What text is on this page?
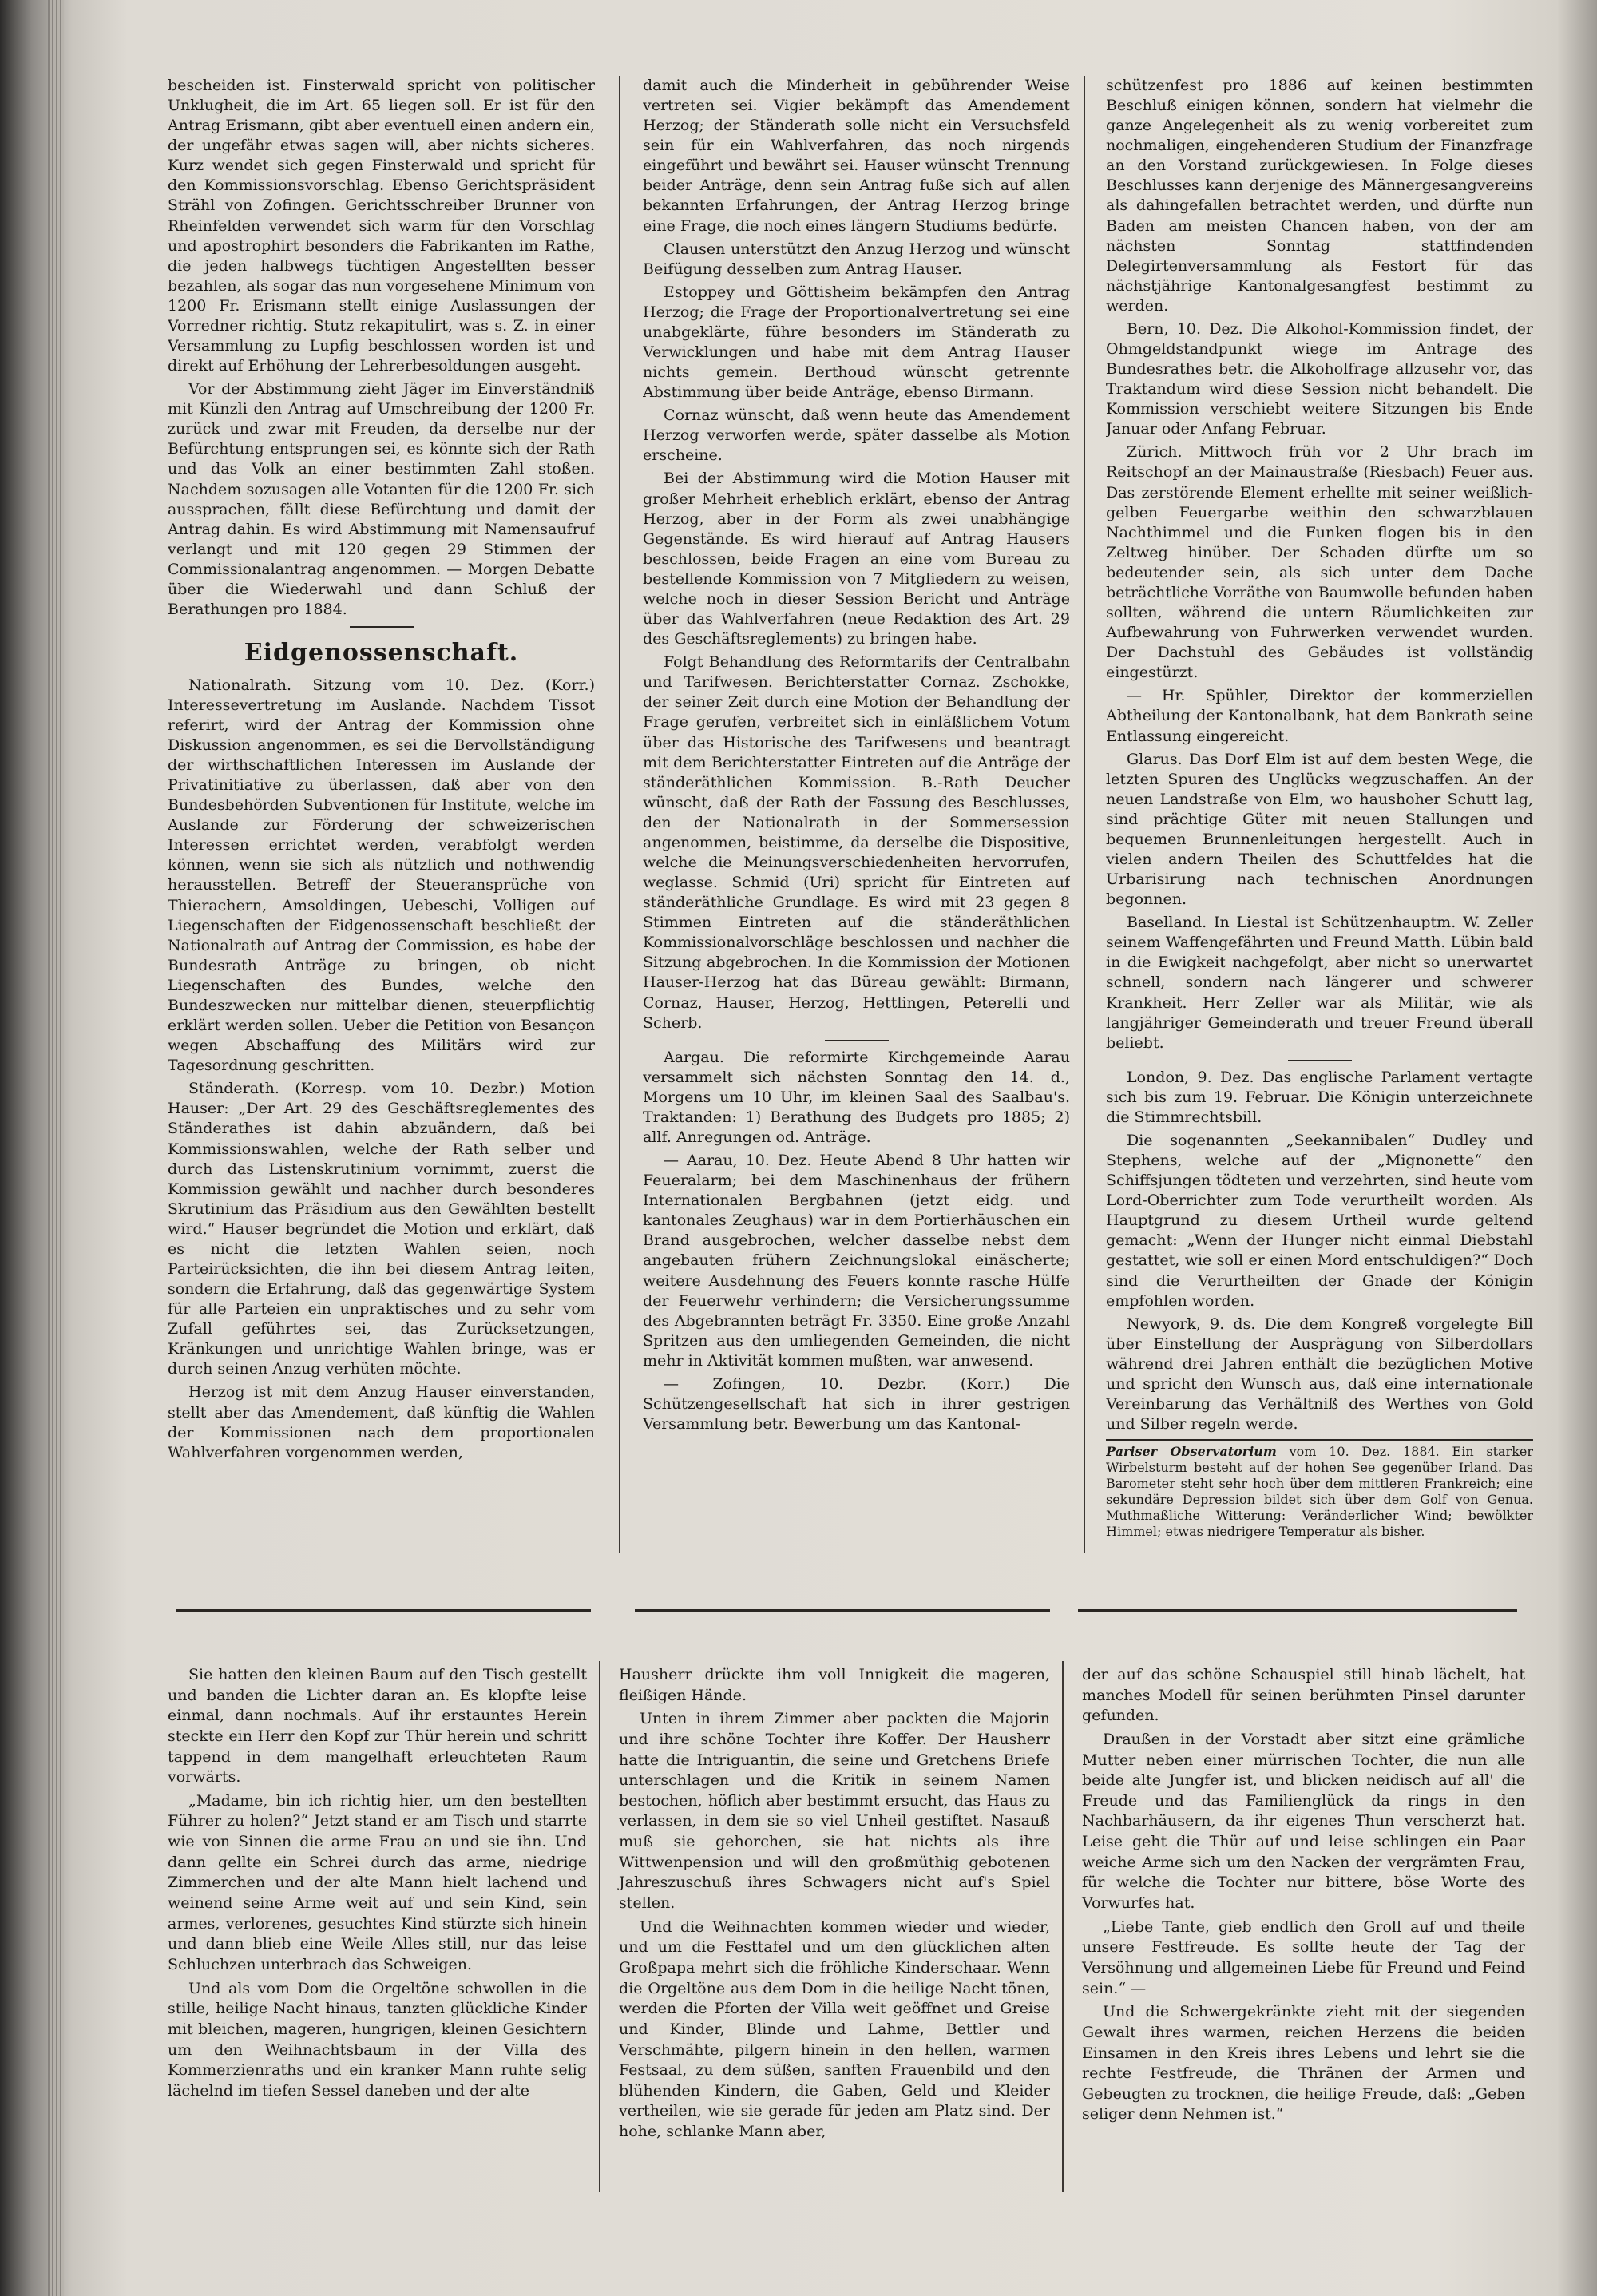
bescheiden ist. Finsterwald spricht von politischer Unklugheit, die im Art. 65 liegen soll. Er ist für den Antrag Erismann, gibt aber eventuell einen andern ein, der ungefähr etwas sagen will, aber nichts sicheres. Kurz wendet sich gegen Finsterwald und spricht für den Kommissionsvorschlag. Ebenso Gerichtspräsident Strähl von Zofingen. Gerichtsschreiber Brunner von Rheinfelden verwendet sich warm für den Vorschlag und apostrophirt besonders die Fabrikanten im Rathe, die jeden halbwegs tüchtigen Angestellten besser bezahlen, als sogar das nun vorgesehene Minimum von 1200 Fr. Erismann stellt einige Auslassungen der Vorredner richtig. Stutz rekapitulirt, was s. Z. in einer Versammlung zu Lupfig beschlossen worden ist und direkt auf Erhöhung der Lehrerbesoldungen ausgeht.

Vor der Abstimmung zieht Jäger im Einverständniß mit Künzli den Antrag auf Umschreibung der 1200 Fr. zurück und zwar mit Freuden, da derselbe nur der Befürchtung entsprungen sei, es könnte sich der Rath und das Volk an einer bestimmten Zahl stoßen. Nachdem sozusagen alle Votanten für die 1200 Fr. sich aussprachen, fällt diese Befürchtung und damit der Antrag dahin. Es wird Abstimmung mit Namensaufruf verlangt und mit 120 gegen 29 Stimmen der Commissionalantrag angenommen. — Morgen Debatte über die Wiederwahl und dann Schluß der Berathungen pro 1884.

Eidgenossenschaft.

Nationalrath. Sitzung vom 10. Dez. (Korr.) Interessevertretung im Auslande. Nachdem Tissot referirt, wird der Antrag der Kommission ohne Diskussion angenommen, es sei die Bervollständigung der wirthschaftlichen Interessen im Auslande der Privatinitiative zu überlassen, daß aber von den Bundesbehörden Subventionen für Institute, welche im Auslande zur Förderung der schweizerischen Interessen errichtet werden, verabfolgt werden können, wenn sie sich als nützlich und nothwendig herausstellen. Betreff der Steueransprüche von Thierachern, Amsoldingen, Uebeschi, Volligen auf Liegenschaften der Eidgenossenschaft beschließt der Nationalrath auf Antrag der Commission, es habe der Bundesrath Anträge zu bringen, ob nicht Liegenschaften des Bundes, welche den Bundeszwecken nur mittelbar dienen, steuerpflichtig erklärt werden sollen. Ueber die Petition von Besançon wegen Abschaffung des Militärs wird zur Tagesordnung geschritten.

Ständerath. (Korresp. vom 10. Dezbr.) Motion Hauser: „Der Art. 29 des Geschäftsreglementes des Ständerathes ist dahin abzuändern, daß bei Kommissionswahlen, welche der Rath selber und durch das Listenskrutinium vornimmt, zuerst die Kommission gewählt und nachher durch besonderes Skrutinium das Präsidium aus den Gewählten bestellt wird.“ Hauser begründet die Motion und erklärt, daß es nicht die letzten Wahlen seien, noch Parteirücksichten, die ihn bei diesem Antrag leiten, sondern die Erfahrung, daß das gegenwärtige System für alle Parteien ein unpraktisches und zu sehr vom Zufall geführtes sei, das Zurücksetzungen, Kränkungen und unrichtige Wahlen bringe, was er durch seinen Anzug verhüten möchte.

Herzog ist mit dem Anzug Hauser einverstanden, stellt aber das Amendement, daß künftig die Wahlen der Kommissionen nach dem proportionalen Wahlverfahren vorgenommen werden,

damit auch die Minderheit in gebührender Weise vertreten sei. Vigier bekämpft das Amendement Herzog; der Ständerath solle nicht ein Versuchsfeld sein für ein Wahlverfahren, das noch nirgends eingeführt und bewährt sei. Hauser wünscht Trennung beider Anträge, denn sein Antrag fuße sich auf allen bekannten Erfahrungen, der Antrag Herzog bringe eine Frage, die noch eines längern Studiums bedürfe.

Clausen unterstützt den Anzug Herzog und wünscht Beifügung desselben zum Antrag Hauser.

Estoppey und Göttisheim bekämpfen den Antrag Herzog; die Frage der Proportionalvertretung sei eine unabgeklärte, führe besonders im Ständerath zu Verwicklungen und habe mit dem Antrag Hauser nichts gemein. Berthoud wünscht getrennte Abstimmung über beide Anträge, ebenso Birmann.

Cornaz wünscht, daß wenn heute das Amendement Herzog verworfen werde, später dasselbe als Motion erscheine.

Bei der Abstimmung wird die Motion Hauser mit großer Mehrheit erheblich erklärt, ebenso der Antrag Herzog, aber in der Form als zwei unabhängige Gegenstände. Es wird hierauf auf Antrag Hausers beschlossen, beide Fragen an eine vom Bureau zu bestellende Kommission von 7 Mitgliedern zu weisen, welche noch in dieser Session Bericht und Anträge über das Wahlverfahren (neue Redaktion des Art. 29 des Geschäftsreglements) zu bringen habe.

Folgt Behandlung des Reformtarifs der Centralbahn und Tarifwesen. Berichterstatter Cornaz. Zschokke, der seiner Zeit durch eine Motion der Behandlung der Frage gerufen, verbreitet sich in einläßlichem Votum über das Historische des Tarifwesens und beantragt mit dem Berichterstatter Eintreten auf die Anträge der ständeräthlichen Kommission. B.-Rath Deucher wünscht, daß der Rath der Fassung des Beschlusses, den der Nationalrath in der Sommersession angenommen, beistimme, da derselbe die Dispositive, welche die Meinungsverschiedenheiten hervorrufen, weglasse. Schmid (Uri) spricht für Eintreten auf ständeräthliche Grundlage. Es wird mit 23 gegen 8 Stimmen Eintreten auf die ständeräthlichen Kommissionalvorschläge beschlossen und nachher die Sitzung abgebrochen. In die Kommission der Motionen Hauser-Herzog hat das Büreau gewählt: Birmann, Cornaz, Hauser, Herzog, Hettlingen, Peterelli und Scherb.

Aargau. Die reformirte Kirchgemeinde Aarau versammelt sich nächsten Sonntag den 14. d., Morgens um 10 Uhr, im kleinen Saal des Saalbau's. Traktanden: 1) Berathung des Budgets pro 1885; 2) allf. Anregungen od. Anträge.

— Aarau, 10. Dez. Heute Abend 8 Uhr hatten wir Feueralarm; bei dem Maschinenhaus der frühern Internationalen Bergbahnen (jetzt eidg. und kantonales Zeughaus) war in dem Portierhäuschen ein Brand ausgebrochen, welcher dasselbe nebst dem angebauten frühern Zeichnungslokal einäscherte; weitere Ausdehnung des Feuers konnte rasche Hülfe der Feuerwehr verhindern; die Versicherungssumme des Abgebrannten beträgt Fr. 3350. Eine große Anzahl Spritzen aus den umliegenden Gemeinden, die nicht mehr in Aktivität kommen mußten, war anwesend.

— Zofingen, 10. Dezbr. (Korr.) Die Schützengesellschaft hat sich in ihrer gestrigen Versammlung betr. Bewerbung um das Kantonal-

schützenfest pro 1886 auf keinen bestimmten Beschluß einigen können, sondern hat vielmehr die ganze Angelegenheit als zu wenig vorbereitet zum nochmaligen, eingehenderen Studium der Finanzfrage an den Vorstand zurückgewiesen. In Folge dieses Beschlusses kann derjenige des Männergesangvereins als dahingefallen betrachtet werden, und dürfte nun Baden am meisten Chancen haben, von der am nächsten Sonntag stattfindenden Delegirtenversammlung als Festort für das nächstjährige Kantonalgesangfest bestimmt zu werden.

Bern, 10. Dez. Die Alkohol-Kommission findet, der Ohmgeldstandpunkt wiege im Antrage des Bundesrathes betr. die Alkoholfrage allzusehr vor, das Traktandum wird diese Session nicht behandelt. Die Kommission verschiebt weitere Sitzungen bis Ende Januar oder Anfang Februar.

Zürich. Mittwoch früh vor 2 Uhr brach im Reitschopf an der Mainaustraße (Riesbach) Feuer aus. Das zerstörende Element erhellte mit seiner weißlich-gelben Feuergarbe weithin den schwarzblauen Nachthimmel und die Funken flogen bis in den Zeltweg hinüber. Der Schaden dürfte um so bedeutender sein, als sich unter dem Dache beträchtliche Vorräthe von Baumwolle befunden haben sollten, während die untern Räumlichkeiten zur Aufbewahrung von Fuhrwerken verwendet wurden. Der Dachstuhl des Gebäudes ist vollständig eingestürzt.

— Hr. Spühler, Direktor der kommerziellen Abtheilung der Kantonalbank, hat dem Bankrath seine Entlassung eingereicht.

Glarus. Das Dorf Elm ist auf dem besten Wege, die letzten Spuren des Unglücks wegzuschaffen. An der neuen Landstraße von Elm, wo haushoher Schutt lag, sind prächtige Güter mit neuen Stallungen und bequemen Brunnenleitungen hergestellt. Auch in vielen andern Theilen des Schuttfeldes hat die Urbarisirung nach technischen Anordnungen begonnen.

Baselland. In Liestal ist Schützenhauptm. W. Zeller seinem Waffengefährten und Freund Matth. Lübin bald in die Ewigkeit nachgefolgt, aber nicht so unerwartet schnell, sondern nach längerer und schwerer Krankheit. Herr Zeller war als Militär, wie als langjähriger Gemeinderath und treuer Freund überall beliebt.

London, 9. Dez. Das englische Parlament vertagte sich bis zum 19. Februar. Die Königin unterzeichnete die Stimmrechtsbill.

Die sogenannten „Seekannibalen“ Dudley und Stephens, welche auf der „Mignonette“ den Schiffsjungen tödteten und verzehrten, sind heute vom Lord-Oberrichter zum Tode verurtheilt worden. Als Hauptgrund zu diesem Urtheil wurde geltend gemacht: „Wenn der Hunger nicht einmal Diebstahl gestattet, wie soll er einen Mord entschuldigen?“ Doch sind die Verurtheilten der Gnade der Königin empfohlen worden.

Newyork, 9. ds. Die dem Kongreß vorgelegte Bill über Einstellung der Ausprägung von Silberdollars während drei Jahren enthält die bezüglichen Motive und spricht den Wunsch aus, daß eine internationale Vereinbarung das Verhältniß des Werthes von Gold und Silber regeln werde.

Pariser Observatorium vom 10. Dez. 1884. Ein starker Wirbelsturm besteht auf der hohen See gegenüber Irland. Das Barometer steht sehr hoch über dem mittleren Frankreich; eine sekundäre Depression bildet sich über dem Golf von Genua. Muthmaßliche Witterung: Veränderlicher Wind; bewölkter Himmel; etwas niedrigere Temperatur als bisher.

Sie hatten den kleinen Baum auf den Tisch gestellt und banden die Lichter daran an. Es klopfte leise einmal, dann nochmals. Auf ihr erstauntes Herein steckte ein Herr den Kopf zur Thür herein und schritt tappend in dem mangelhaft erleuchteten Raum vorwärts.

„Madame, bin ich richtig hier, um den bestellten Führer zu holen?“ Jetzt stand er am Tisch und starrte wie von Sinnen die arme Frau an und sie ihn. Und dann gellte ein Schrei durch das arme, niedrige Zimmerchen und der alte Mann hielt lachend und weinend seine Arme weit auf und sein Kind, sein armes, verlorenes, gesuchtes Kind stürzte sich hinein und dann blieb eine Weile Alles still, nur das leise Schluchzen unterbrach das Schweigen.

Und als vom Dom die Orgeltöne schwollen in die stille, heilige Nacht hinaus, tanzten glückliche Kinder mit bleichen, mageren, hungrigen, kleinen Gesichtern um den Weihnachtsbaum in der Villa des Kommerzienraths und ein kranker Mann ruhte selig lächelnd im tiefen Sessel daneben und der alte

Hausherr drückte ihm voll Innigkeit die mageren, fleißigen Hände.

Unten in ihrem Zimmer aber packten die Majorin und ihre schöne Tochter ihre Koffer. Der Hausherr hatte die Intriguantin, die seine und Gretchens Briefe unterschlagen und die Kritik in seinem Namen bestochen, höflich aber bestimmt ersucht, das Haus zu verlassen, in dem sie so viel Unheil gestiftet. Nasauß muß sie gehorchen, sie hat nichts als ihre Wittwenpension und will den großmüthig gebotenen Jahreszuschuß ihres Schwagers nicht auf's Spiel stellen.

Und die Weihnachten kommen wieder und wieder, und um die Festtafel und um den glücklichen alten Großpapa mehrt sich die fröhliche Kinderschaar. Wenn die Orgeltöne aus dem Dom in die heilige Nacht tönen, werden die Pforten der Villa weit geöffnet und Greise und Kinder, Blinde und Lahme, Bettler und Verschmähte, pilgern hinein in den hellen, warmen Festsaal, zu dem süßen, sanften Frauenbild und den blühenden Kindern, die Gaben, Geld und Kleider vertheilen, wie sie gerade für jeden am Platz sind. Der hohe, schlanke Mann aber,

der auf das schöne Schauspiel still hinab lächelt, hat manches Modell für seinen berühmten Pinsel darunter gefunden.

Draußen in der Vorstadt aber sitzt eine grämliche Mutter neben einer mürrischen Tochter, die nun alle beide alte Jungfer ist, und blicken neidisch auf all' die Freude und das Familienglück da rings in den Nachbarhäusern, da ihr eigenes Thun verscherzt hat. Leise geht die Thür auf und leise schlingen ein Paar weiche Arme sich um den Nacken der vergrämten Frau, für welche die Tochter nur bittere, böse Worte des Vorwurfes hat.

„Liebe Tante, gieb endlich den Groll auf und theile unsere Festfreude. Es sollte heute der Tag der Versöhnung und allgemeinen Liebe für Freund und Feind sein.“ —

Und die Schwergekränkte zieht mit der siegenden Gewalt ihres warmen, reichen Herzens die beiden Einsamen in den Kreis ihres Lebens und lehrt sie die rechte Festfreude, die Thränen der Armen und Gebeugten zu trocknen, die heilige Freude, daß: „Geben seliger denn Nehmen ist.“
